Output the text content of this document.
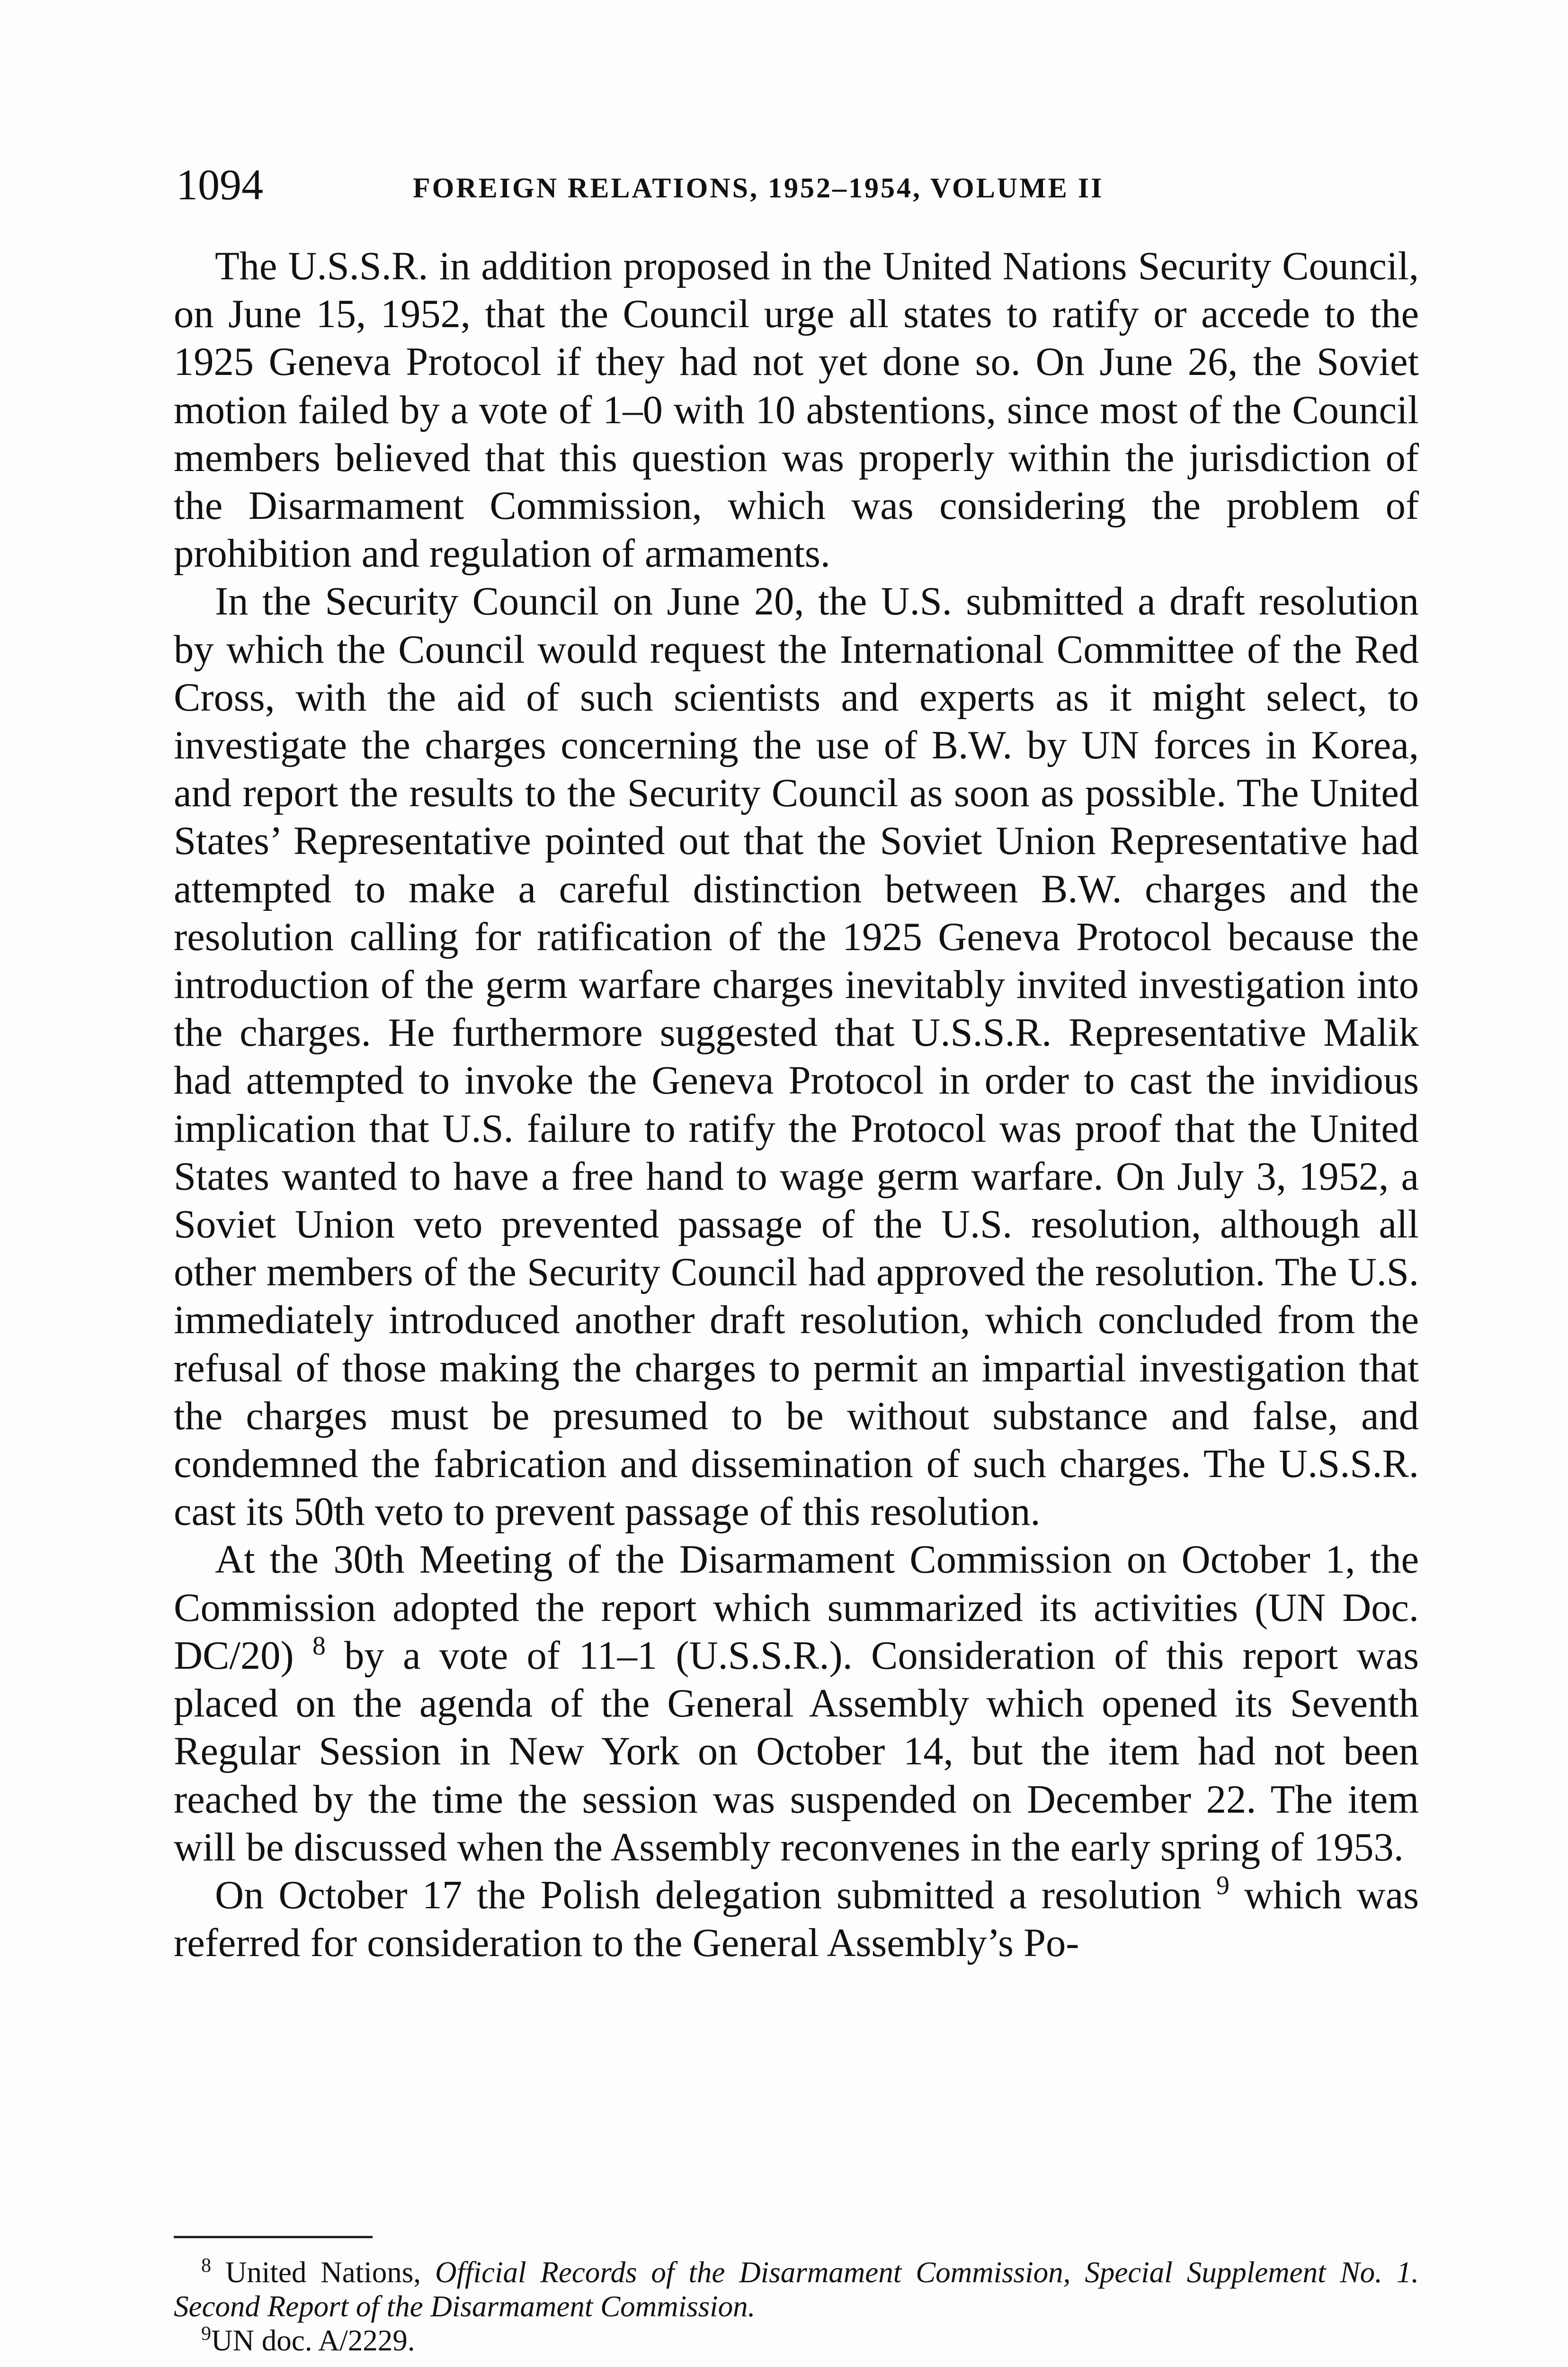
1094	FOREIGN RELATIONS, 1952–1954, VOLUME II

The U.S.S.R. in addition proposed in the United Nations Security Council, on June 15, 1952, that the Council urge all states to ratify or accede to the 1925 Geneva Protocol if they had not yet done so. On June 26, the Soviet motion failed by a vote of 1–0 with 10 abstentions, since most of the Council members believed that this question was properly within the jurisdiction of the Disarmament Commission, which was considering the problem of prohibition and regulation of armaments.

In the Security Council on June 20, the U.S. submitted a draft resolution by which the Council would request the International Committee of the Red Cross, with the aid of such scientists and experts as it might select, to investigate the charges concerning the use of B.W. by UN forces in Korea, and report the results to the Security Council as soon as possible. The United States’ Representative pointed out that the Soviet Union Representative had attempted to make a careful distinction between B.W. charges and the resolution calling for ratification of the 1925 Geneva Protocol because the introduction of the germ warfare charges inevitably invited investigation into the charges. He furthermore suggested that U.S.S.R. Representative Malik had attempted to invoke the Geneva Protocol in order to cast the invidious implication that U.S. failure to ratify the Protocol was proof that the United States wanted to have a free hand to wage germ warfare. On July 3, 1952, a Soviet Union veto prevented passage of the U.S. resolution, although all other members of the Security Council had approved the resolution. The U.S. immediately introduced another draft resolution, which concluded from the refusal of those making the charges to permit an impartial investigation that the charges must be presumed to be without substance and false, and condemned the fabrication and dissemination of such charges. The U.S.S.R. cast its 50th veto to prevent passage of this resolution.

At the 30th Meeting of the Disarmament Commission on October 1, the Commission adopted the report which summarized its activities (UN Doc. DC/20) $^8$ by a vote of 11–1 (U.S.S.R.). Consideration of this report was placed on the agenda of the General Assembly which opened its Seventh Regular Session in New York on October 14, but the item had not been reached by the time the session was suspended on December 22. The item will be discussed when the Assembly reconvenes in the early spring of 1953.

On October 17 the Polish delegation submitted a resolution $^9$ which was referred for consideration to the General Assembly’s Po-

$^8$ United Nations, Official Records of the Disarmament Commission, Special Supplement No. 1. Second Report of the Disarmament Commission.

$^9$UN doc. A/2229.
